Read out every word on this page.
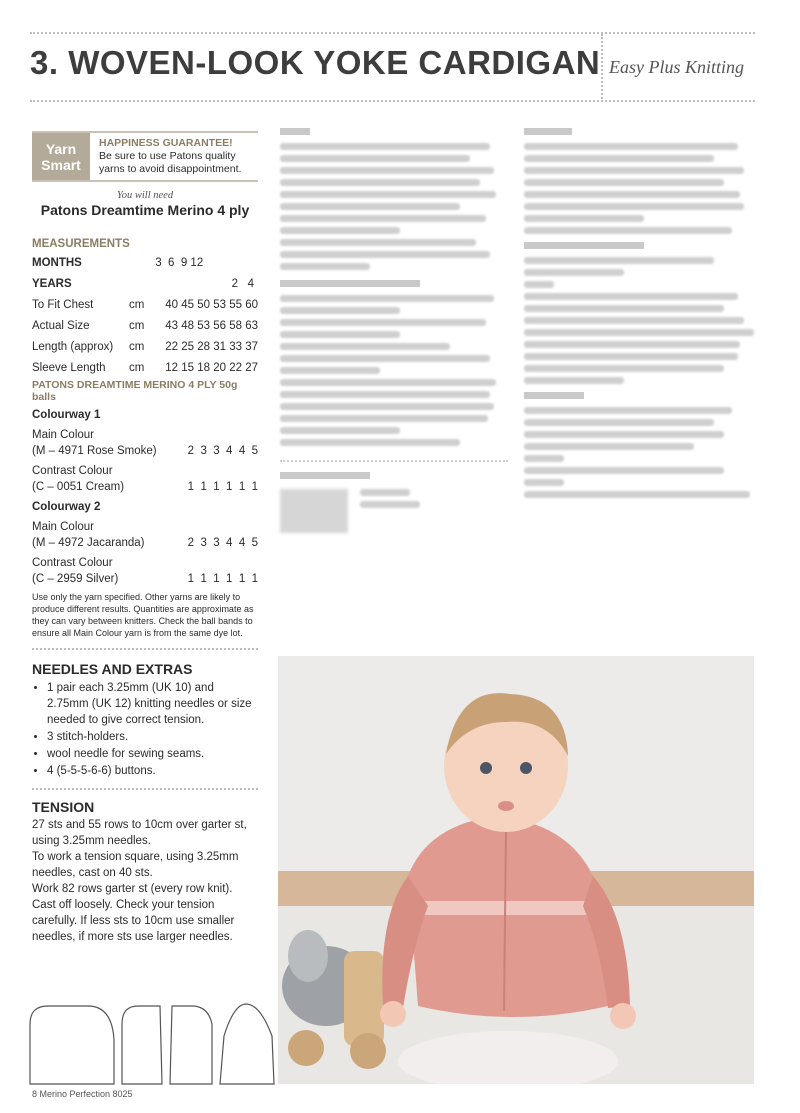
3. WOVEN-LOOK YOKE CARDIGAN Easy Plus Knitting
Yarn
Smart
HAPPINESS GUARANTEE!
Be sure to use Patons quality
yarns to avoid disappointment.
You will need
Patons Dreamtime Merino 4 ply
MEASUREMENTS
MONTHS		3  6  9 12
YEARS		2   4
To Fit Chest	cm	40 45 50 53 55 60
Actual Size	cm	43 48 53 56 58 63
Length (approx)	cm	22 25 28 31 33 37
Sleeve Length	cm	12 15 18 20 22 27
PATONS DREAMTIME MERINO 4 PLY 50g balls
Colourway 1	
Main Colour	
(M – 4971 Rose Smoke)	2  3  3  4  4  5
Contrast Colour	
(C – 0051 Cream)	1  1  1  1  1  1
Colourway 2	
Main Colour	
(M – 4972 Jacaranda)	2  3  3  4  4  5
Contrast Colour	
(C – 2959 Silver)	1  1  1  1  1  1
Use only the yarn specified. Other yarns are likely to produce different results. Quantities are approximate as they can vary between knitters. Check the ball bands to ensure all Main Colour yarn is from the same dye lot.
NEEDLES AND EXTRAS
• 1 pair each 3.25mm (UK 10) and 2.75mm (UK 12) knitting needles or size needed to give correct tension.
• 3 stitch-holders.
• wool needle for sewing seams.
• 4 (5-5-5-6-6) buttons.
TENSION
27 sts and 55 rows to 10cm over garter st, using 3.25mm needles.
To work a tension square, using 3.25mm needles, cast on 40 sts.
Work 82 rows garter st (every row knit).
Cast off loosely. Check your tension carefully. If less sts to 10cm use smaller needles, if more sts use larger needles.
8 Merino Perfection 8025
